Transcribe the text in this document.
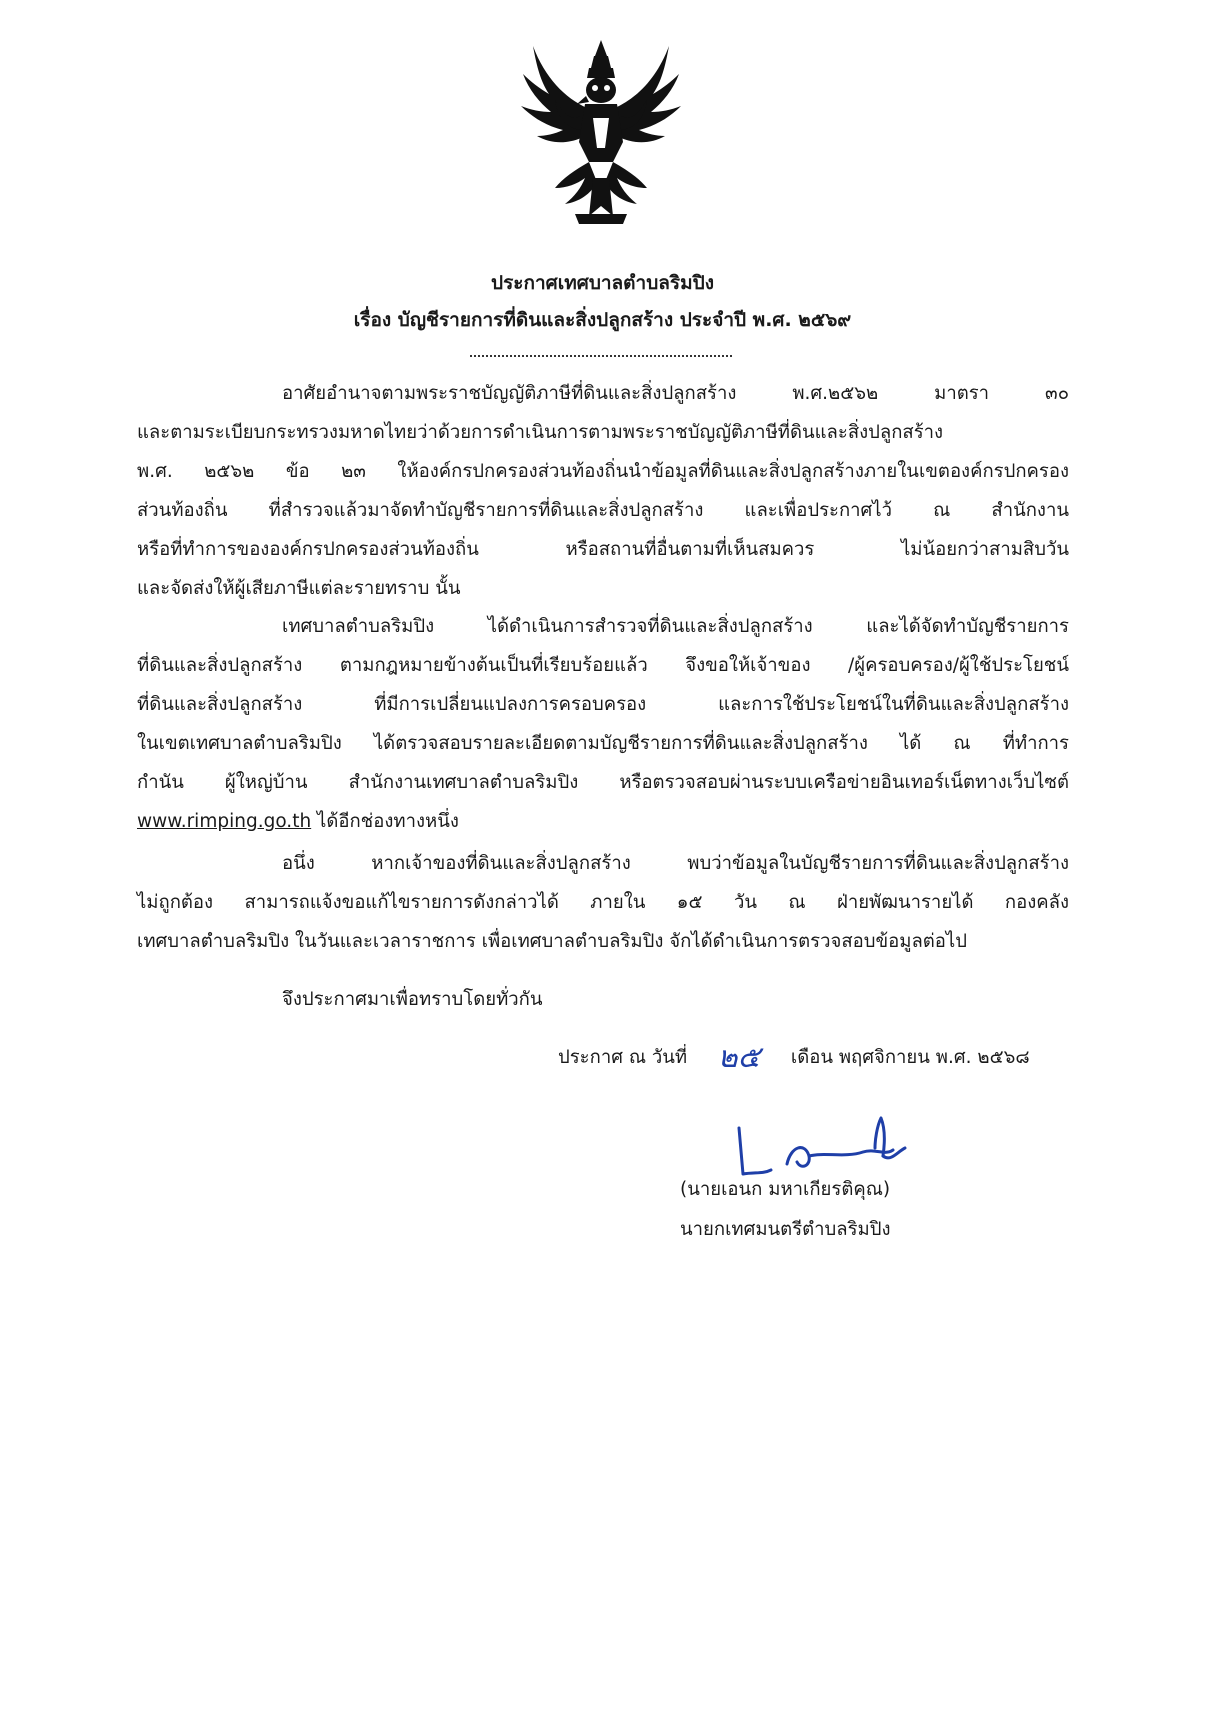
ประกาศเทศบาลตำบลริมปิง
เรื่อง บัญชีรายการที่ดินและสิ่งปลูกสร้าง ประจำปี พ.ศ. ๒๕๖๙
อาศัยอำนาจตามพระราชบัญญัติภาษีที่ดินและสิ่งปลูกสร้าง พ.ศ.๒๕๖๒ มาตรา ๓๐
และตามระเบียบกระทรวงมหาดไทยว่าด้วยการดำเนินการตามพระราชบัญญัติภาษีที่ดินและสิ่งปลูกสร้าง
พ.ศ. ๒๕๖๒ ข้อ ๒๓ ให้องค์กรปกครองส่วนท้องถิ่นนำข้อมูลที่ดินและสิ่งปลูกสร้างภายในเขตองค์กรปกครอง
ส่วนท้องถิ่น ที่สำรวจแล้วมาจัดทำบัญชีรายการที่ดินและสิ่งปลูกสร้าง และเพื่อประกาศไว้ ณ สำนักงาน
หรือที่ทำการขององค์กรปกครองส่วนท้องถิ่น หรือสถานที่อื่นตามที่เห็นสมควร ไม่น้อยกว่าสามสิบวัน
และจัดส่งให้ผู้เสียภาษีแต่ละรายทราบ นั้น
เทศบาลตำบลริมปิง ได้ดำเนินการสำรวจที่ดินและสิ่งปลูกสร้าง และได้จัดทำบัญชีรายการ
ที่ดินและสิ่งปลูกสร้าง ตามกฎหมายข้างต้นเป็นที่เรียบร้อยแล้ว จึงขอให้เจ้าของ /ผู้ครอบครอง/ผู้ใช้ประโยชน์
ที่ดินและสิ่งปลูกสร้าง ที่มีการเปลี่ยนแปลงการครอบครอง และการใช้ประโยชน์ในที่ดินและสิ่งปลูกสร้าง
ในเขตเทศบาลตำบลริมปิง ได้ตรวจสอบรายละเอียดตามบัญชีรายการที่ดินและสิ่งปลูกสร้าง ได้ ณ ที่ทำการ
กำนัน ผู้ใหญ่บ้าน สำนักงานเทศบาลตำบลริมปิง หรือตรวจสอบผ่านระบบเครือข่ายอินเทอร์เน็ตทางเว็บไซต์
www.rimping.go.th ได้อีกช่องทางหนึ่ง
อนึ่ง หากเจ้าของที่ดินและสิ่งปลูกสร้าง พบว่าข้อมูลในบัญชีรายการที่ดินและสิ่งปลูกสร้าง
ไม่ถูกต้อง สามารถแจ้งขอแก้ไขรายการดังกล่าวได้ ภายใน ๑๕ วัน ณ ฝ่ายพัฒนารายได้ กองคลัง
เทศบาลตำบลริมปิง ในวันและเวลาราชการ เพื่อเทศบาลตำบลริมปิง จักได้ดำเนินการตรวจสอบข้อมูลต่อไป
จึงประกาศมาเพื่อทราบโดยทั่วกัน
ประกาศ ณ วันที่ ๒๕ เดือน พฤศจิกายน พ.ศ. ๒๕๖๘
(นายเอนก มหาเกียรติคุณ)
นายกเทศมนตรีตำบลริมปิง
